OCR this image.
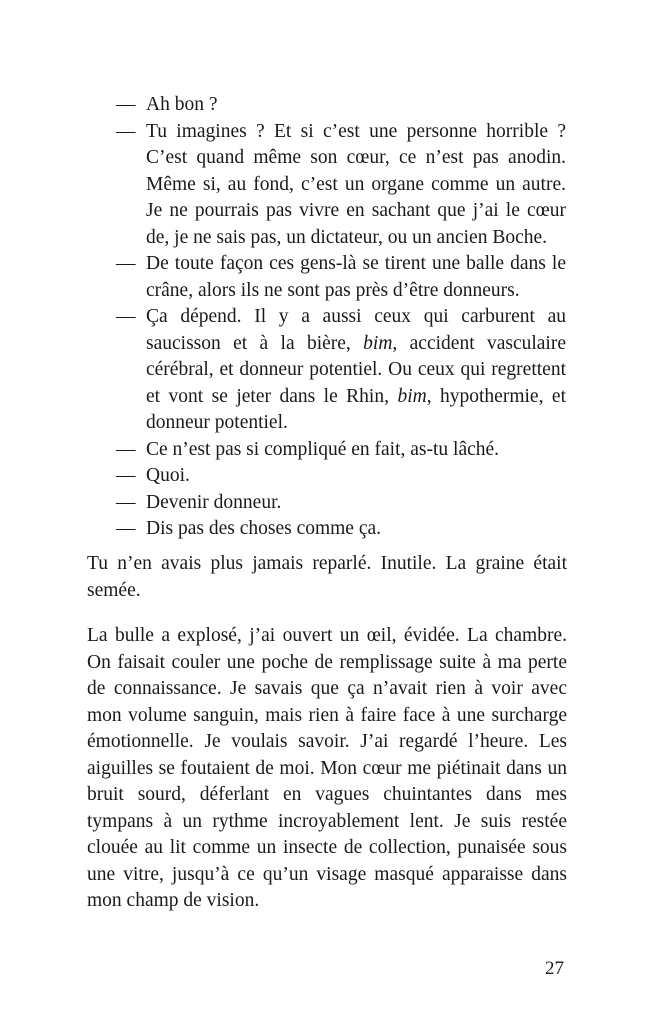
— Ah bon ?
— Tu imagines ? Et si c’est une personne horrible ? C’est quand même son cœur, ce n’est pas anodin. Même si, au fond, c’est un organe comme un autre. Je ne pourrais pas vivre en sachant que j’ai le cœur de, je ne sais pas, un dictateur, ou un ancien Boche.
— De toute façon ces gens-là se tirent une balle dans le crâne, alors ils ne sont pas près d’être donneurs.
— Ça dépend. Il y a aussi ceux qui carburent au saucisson et à la bière, bim, accident vasculaire cérébral, et donneur potentiel. Ou ceux qui regrettent et vont se jeter dans le Rhin, bim, hypothermie, et donneur potentiel.
— Ce n’est pas si compliqué en fait, as-tu lâché.
— Quoi.
— Devenir donneur.
— Dis pas des choses comme ça.

Tu n’en avais plus jamais reparlé. Inutile. La graine était semée.

La bulle a explosé, j’ai ouvert un œil, évidée. La chambre. On faisait couler une poche de remplissage suite à ma perte de connaissance. Je savais que ça n’avait rien à voir avec mon volume sanguin, mais rien à faire face à une surcharge émotionnelle. Je voulais savoir. J’ai regardé l’heure. Les aiguilles se foutaient de moi. Mon cœur me piétinait dans un bruit sourd, déferlant en vagues chuintantes dans mes tympans à un rythme incroyablement lent. Je suis restée clouée au lit comme un insecte de collection, punaisée sous une vitre, jusqu’à ce qu’un visage masqué apparaisse dans mon champ de vision.

27
